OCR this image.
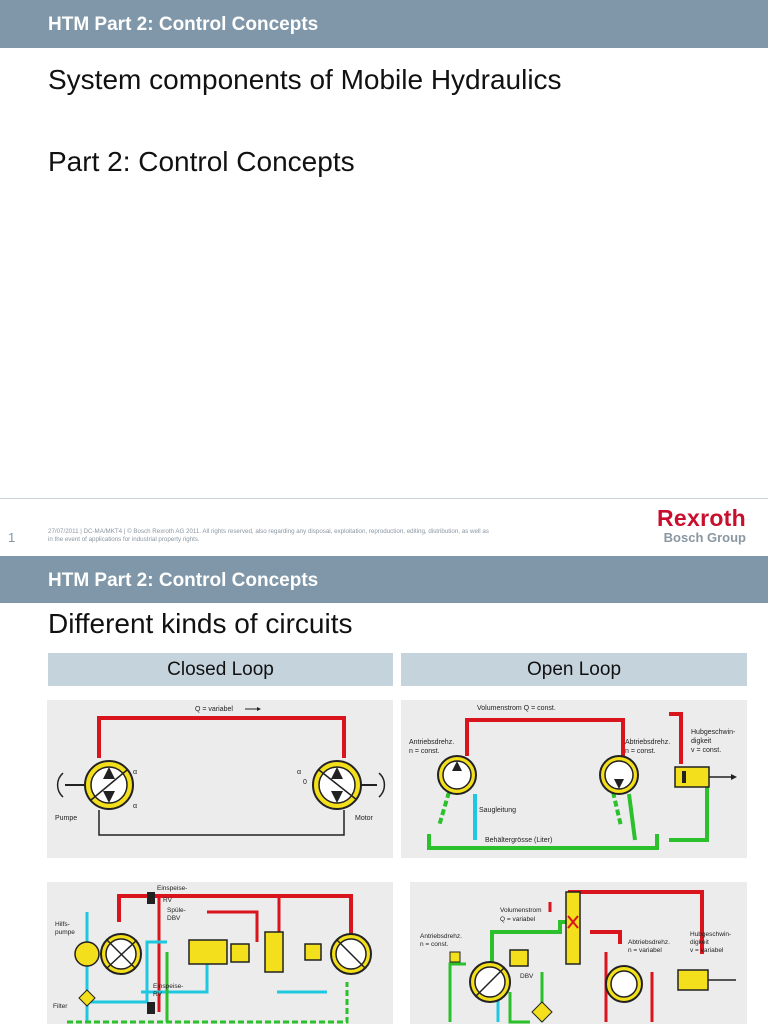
HTM Part 2: Control Concepts
System components of Mobile Hydraulics
Part 2: Control Concepts
1	27/07/2011 | DC-MA/MKT4 | © Bosch Rexroth AG 2011. All rights reserved, also regarding any disposal, exploitation, reproduction, editing, distribution, as well as
in the event of applications for industrial property rights.
Rexroth
Bosch Group
HTM Part 2: Control Concepts
Different kinds of circuits
Closed Loop	Open Loop
Q = variabel
Pumpe	Motor
α
α
α
0
Volumenstrom Q = const.
Antriebsdrehz.
n = const.
Abtriebsdrehz.
n = const.
Hubgeschwin-
digkeit
v = const.
Saugleitung
Behältergrösse (Liter)
Hilfs-
pumpe
Filter
Einspeise-
RV
Spüle-
DBV
Einspeise-
RV
Volumenstrom
Q = variabel
Antriebsdrehz.
n = const.	Abtriebsdrehz.
n = variabel
Hubgeschwin-
digkeit
v = variabel
DBV
